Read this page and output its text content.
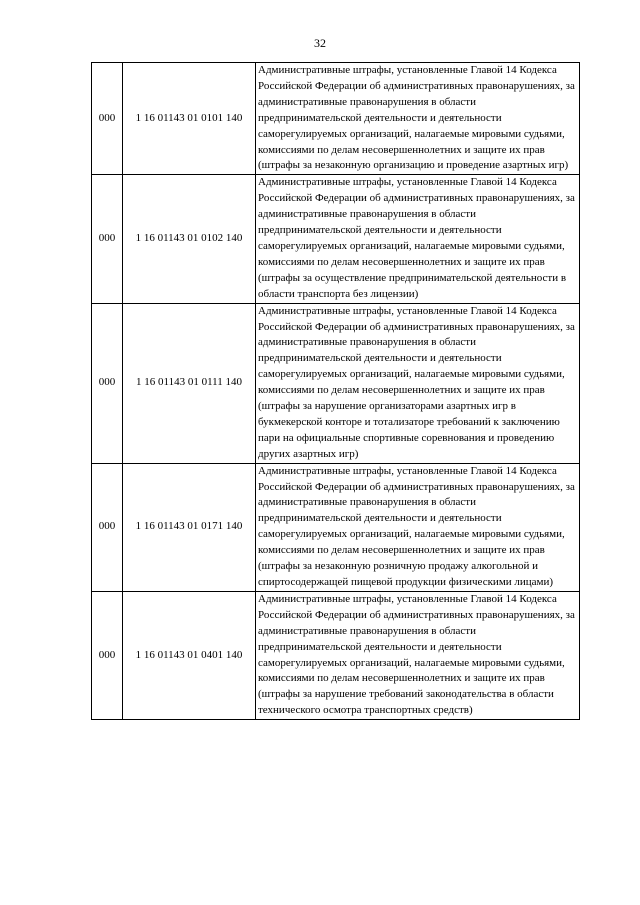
32
000	1 16 01143 01 0101 140	Административные штрафы, установленные Главой 14 Кодекса Российской Федерации об административных правонарушениях, за административные правонарушения в области предпринимательской деятельности и деятельности саморегулируемых организаций, налагаемые мировыми судьями, комиссиями по делам несовершеннолетних и защите их прав (штрафы за незаконную организацию и проведение азартных игр)

000	1 16 01143 01 0102 140	Административные штрафы, установленные Главой 14 Кодекса Российской Федерации об административных правонарушениях, за административные правонарушения в области предпринимательской деятельности и деятельности саморегулируемых организаций, налагаемые мировыми судьями, комиссиями по делам несовершеннолетних и защите их прав (штрафы за осуществление предпринимательской деятельности в области транспорта без лицензии)

000	1 16 01143 01 0111 140	Административные штрафы, установленные Главой 14 Кодекса Российской Федерации об административных правонарушениях, за административные правонарушения в области предпринимательской деятельности и деятельности саморегулируемых организаций, налагаемые мировыми судьями, комиссиями по делам несовершеннолетних и защите их прав (штрафы за нарушение организаторами азартных игр в букмекерской конторе и тотализаторе требований к заключению пари на официальные спортивные соревнования и проведению других азартных игр)

000	1 16 01143 01 0171 140	Административные штрафы, установленные Главой 14 Кодекса Российской Федерации об административных правонарушениях, за административные правонарушения в области предпринимательской деятельности и деятельности саморегулируемых организаций, налагаемые мировыми судьями, комиссиями по делам несовершеннолетних и защите их прав (штрафы за незаконную розничную продажу алкогольной и спиртосодержащей пищевой продукции физическими лицами)

000	1 16 01143 01 0401 140	Административные штрафы, установленные Главой 14 Кодекса Российской Федерации об административных правонарушениях, за административные правонарушения в области предпринимательской деятельности и деятельности саморегулируемых организаций, налагаемые мировыми судьями, комиссиями по делам несовершеннолетних и защите их прав (штрафы за нарушение требований законодательства в области технического осмотра транспортных средств)
